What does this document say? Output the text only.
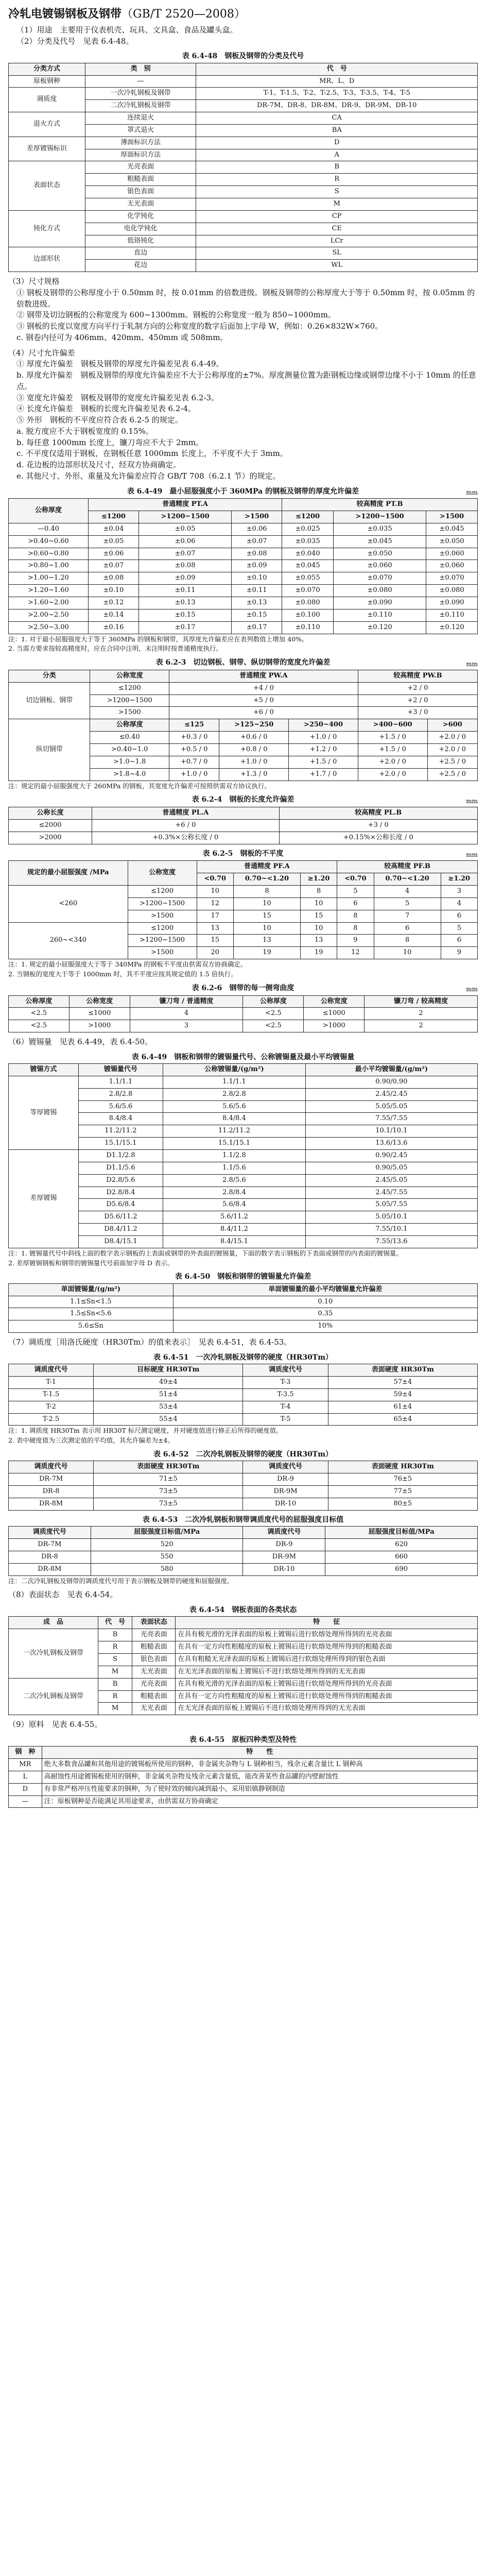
冷轧电镀锡钢板及钢带（GB/T 2520—2008）

（1）用途　主要用于仪表机壳、玩具、文具盒、食品及罐头盒。

（2）分类及代号　见表 6.4-48。

表 6.4-48　钢板及钢带的分类及代号
分类方式	类　别	代　号
原板钢种	—	MR、L、D
调质度	一次冷轧钢板及钢带	T-1、T-1.5、T-2、T-2.5、T-3、T-3.5、T-4、T-5
	二次冷轧钢板及钢带	DR-7M、DR-8、DR-8M、DR-9、DR-9M、DR-10
退火方式	连续退火	CA
	罩式退火	BA
差厚镀锡标识	薄面标识方法	D
	厚面标识方法	A
表面状态	光亮表面	B
	粗糙表面	R
	银色表面	S
	无光表面	M
钝化方式	化学钝化	CP
	电化学钝化	CE
	低铬钝化	LCr
边部形状	直边	SL
	花边	WL

（3）尺寸规格

① 钢板及钢带的公称厚度小于 0.50mm 时，按 0.01mm 的倍数进级。钢板及钢带的公称厚度大于等于 0.50mm 时，按 0.05mm 的倍数进级。

② 钢带及切边钢板的公称宽度为 600~1300mm。钢板的公称宽度一般为 850~1000mm。

③ 钢板的长度以宽度方向平行于轧制方向的公称宽度的数字后面加上字母 W，例如：0.26×832W×760。

c. 钢卷内径可为 406mm、420mm、450mm 或 508mm。

（4）尺寸允许偏差

① 厚度允许偏差　钢板及钢带的厚度允许偏差见表 6.4-49。

b. 厚度允许偏差　钢板及钢带的厚度允许偏差应不大于公称厚度的±7%。厚度测量位置为距钢板边缘或钢带边缘不小于 10mm 的任意点。

③ 宽度允许偏差　钢板及钢带的宽度允许偏差见表 6.2-3。

④ 长度允许偏差　钢板的长度允许偏差见表 6.2-4。

⑤ 外形　钢板的不平度应符合表 6.2-5 的规定。

a. 脱方度应不大于钢板宽度的 0.15%。

b. 每任意 1000mm 长度上，镰刀弯应不大于 2mm。

c. 不平度仅适用于钢板，在钢板任意 1000mm 长度上，不平度不大于 3mm。

d. 花边板的边部形状及尺寸，经双方协商确定。

e. 其他尺寸、外形、重量及允许偏差应符合 GB/T 708（6.2.1 节）的规定。

表 6.4-49　最小屈服强度小于 360MPa 的钢板及钢带的厚度允许偏差	mm
公称厚度	普通精度 PT.A			较高精度 PT.B		
	≤1200	>1200~1500	>1500	≤1200	>1200~1500	>1500
—0.40	±0.04	±0.05	±0.06	±0.025	±0.035	±0.045
>0.40~0.60	±0.05	±0.06	±0.07	±0.035	±0.045	±0.050
>0.60~0.80	±0.06	±0.07	±0.08	±0.040	±0.050	±0.060
>0.80~1.00	±0.07	±0.08	±0.09	±0.045	±0.060	±0.060
>1.00~1.20	±0.08	±0.09	±0.10	±0.055	±0.070	±0.070
>1.20~1.60	±0.10	±0.11	±0.11	±0.070	±0.080	±0.080
>1.60~2.00	±0.12	±0.13	±0.13	±0.080	±0.090	±0.090
>2.00~2.50	±0.14	±0.15	±0.15	±0.100	±0.110	±0.110
>2.50~3.00	±0.16	±0.17	±0.17	±0.110	±0.120	±0.120

注：1. 对于最小屈服强度大于等于 360MPa 的钢板和钢带，其厚度允许偏差应在表列数值上增加 40%。

2. 当需方要求按较高精度时，应在合同中注明，未注明时按普通精度执行。

表 6.2-3　切边钢板、钢带、纵切钢带的宽度允许偏差	mm
分类	公称宽度	普通精度 PW.A			较高精度 PW.B	
切边钢板、钢带	≤1200	+4 / 0			+2 / 0	
	>1200~1500	+5 / 0			+2 / 0	
	>1500	+6 / 0			+3 / 0	
纵切钢带	公称厚度	≤125	>125~250	>250~400	>400~600	>600
	≤0.40	+0.3 / 0	+0.6 / 0	+1.0 / 0	+1.5 / 0	+2.0 / 0
	>0.40~1.0	+0.5 / 0	+0.8 / 0	+1.2 / 0	+1.5 / 0	+2.0 / 0
	>1.0~1.8	+0.7 / 0	+1.0 / 0	+1.5 / 0	+2.0 / 0	+2.5 / 0
	>1.8~4.0	+1.0 / 0	+1.3 / 0	+1.7 / 0	+2.0 / 0	+2.5 / 0

注：规定的最小屈服强度大于 260MPa 的钢板，其宽度允许偏差可按照供需双方协议执行。

表 6.2-4　钢板的长度允许偏差	mm
公称长度	普通精度 PL.A	较高精度 PL.B
≤2000	+6 / 0	+3 / 0
>2000	+0.3%×公称长度 / 0	+0.15%×公称长度 / 0
表 6.2-5　钢板的不平度	mm
规定的最小屈服强度 /MPa	公称宽度	普通精度 PF.A			较高精度 PF.B		
		<0.70	0.70~<1.20	≥1.20	<0.70	0.70~<1.20	≥1.20
<260	≤1200	10	8	8	5	4	3
	>1200~1500	12	10	10	6	5	4
	>1500	17	15	15	8	7	6
260~<340	≤1200	13	10	10	8	6	5
	>1200~1500	15	13	13	9	8	6
	>1500	20	19	19	12	10	9

注：1. 规定的最小屈服强度大于等于 340MPa 的钢板不平度由供需双方协商确定。

2. 当钢板的宽度大于等于 1000mm 时，其不平度应按其规定值的 1.5 倍执行。

表 6.2-6　钢带的每一侧弯曲度	mm
公称厚度	公称宽度	镰刀弯 / 普通精度	公称厚度	公称宽度	镰刀弯 / 较高精度
<2.5	≤1000	4	<2.5	≤1000	2
<2.5	>1000	3	<2.5	>1000	2

（6）镀锡量　见表 6.4-49，表 6.4-50。

表 6.4-49　钢板和钢带的镀锡量代号、公称镀锡量及最小平均镀锡量
镀锡方式	镀锡量代号	公称镀锡量/(g/m²)	最小平均镀锡量/(g/m²)
等厚镀锡	1.1/1.1	1.1/1.1	0.90/0.90
	2.8/2.8	2.8/2.8	2.45/2.45
	5.6/5.6	5.6/5.6	5.05/5.05
	8.4/8.4	8.4/8.4	7.55/7.55
	11.2/11.2	11.2/11.2	10.1/10.1
	15.1/15.1	15.1/15.1	13.6/13.6
差厚镀锡	D1.1/2.8	1.1/2.8	0.90/2.45
	D1.1/5.6	1.1/5.6	0.90/5.05
	D2.8/5.6	2.8/5.6	2.45/5.05
	D2.8/8.4	2.8/8.4	2.45/7.55
	D5.6/8.4	5.6/8.4	5.05/7.55
	D5.6/11.2	5.6/11.2	5.05/10.1
	D8.4/11.2	8.4/11.2	7.55/10.1
	D8.4/15.1	8.4/15.1	7.55/13.6

注：1. 镀锡量代号中斜线上面的数字表示钢板的上表面或钢带的外表面的镀锡量，下面的数字表示钢板的下表面或钢带的内表面的镀锡量。

2. 差厚镀锡钢板和钢带的镀锡量代号前面加字母 D 表示。

表 6.4-50　钢板和钢带的镀锡量允许偏差
单面镀锡量/(g/m²)	单面镀锡量的最小平均镀锡量允许偏差
1.1≤Sn<1.5	0.10
1.5≤Sn<5.6	0.35
5.6≤Sn	10%

（7）调质度［用洛氏硬度（HR30Tm）的值来表示］　见表 6.4-51，表 6.4-53。

表 6.4-51　一次冷轧钢板及钢带的硬度（HR30Tm）
调质度代号	目标硬度 HR30Tm	调质度代号	表面硬度 HR30Tm
T-1	49±4	T-3	57±4
T-1.5	51±4	T-3.5	59±4
T-2	53±4	T-4	61±4
T-2.5	55±4	T-5	65±4

注：1. 调质度 HR30Tm 表示用 HR30T 标尺测定硬度，并对硬度值进行修正后所得的硬度值。

2. 表中硬度值为三次测定值的平均值，其允许偏差为±4。

表 6.4-52　二次冷轧钢板及钢带的硬度（HR30Tm）
调质度代号	表面硬度 HR30Tm	调质度代号	表面硬度 HR30Tm
DR-7M	71±5	DR-9	76±5
DR-8	73±5	DR-9M	77±5
DR-8M	73±5	DR-10	80±5
表 6.4-53　二次冷轧钢板和钢带调质度代号的屈服强度目标值
调质度代号	屈服强度目标值/MPa	调质度代号	屈服强度目标值/MPa
DR-7M	520	DR-9	620
DR-8	550	DR-9M	660
DR-8M	580	DR-10	690

注：二次冷轧钢板及钢带的调质度代号用于表示钢板及钢带的硬度和屈服强度。

（8）表面状态　见表 6.4-54。

表 6.4-54　钢板表面的各类状态
成　品	代　号	表面状态	特　　征
一次冷轧钢板及钢带	B	光亮表面	在具有极光滑的光泽表面的原板上镀锡后进行软熔处理所得到的光亮表面
	R	粗糙表面	在具有一定方向性粗糙度的原板上镀锡后进行软熔处理所得到的粗糙表面
	S	银色表面	在具有粗糙无光泽表面的原板上镀锡后进行软熔处理所得到的银色表面
	M	无光表面	在无光泽表面的原板上镀锡后不进行软熔处理所得到的无光表面
二次冷轧钢板及钢带	B	光亮表面	在具有极光滑的光泽表面的原板上镀锡后进行软熔处理所得到的光亮表面
	R	粗糙表面	在具有一定方向性粗糙度的原板上镀锡后进行软熔处理所得到的粗糙表面
	M	无光表面	在无光泽表面的原板上镀锡后不进行软熔处理所得到的无光表面

（9）原料　见表 6.4-55。

表 6.4-55　原板四种类型及特性
钢　种	特　　性
MR	绝大多数食品罐和其他用途的镀锡板所使用的钢种，非金属夹杂物与 L 钢种相当，残余元素含量比 L 钢种高
L	高耐蚀性用途镀锡板使用的钢种，非金属夹杂物及残余元素含量低，能改善某些食品罐的内壁耐蚀性
D	有非常严格冲压性能要求的钢种，为了使时效的倾向减到最小，采用铝镇静钢制造
—	注：原板钢种是否能满足其用途要求，由供需双方协商确定
